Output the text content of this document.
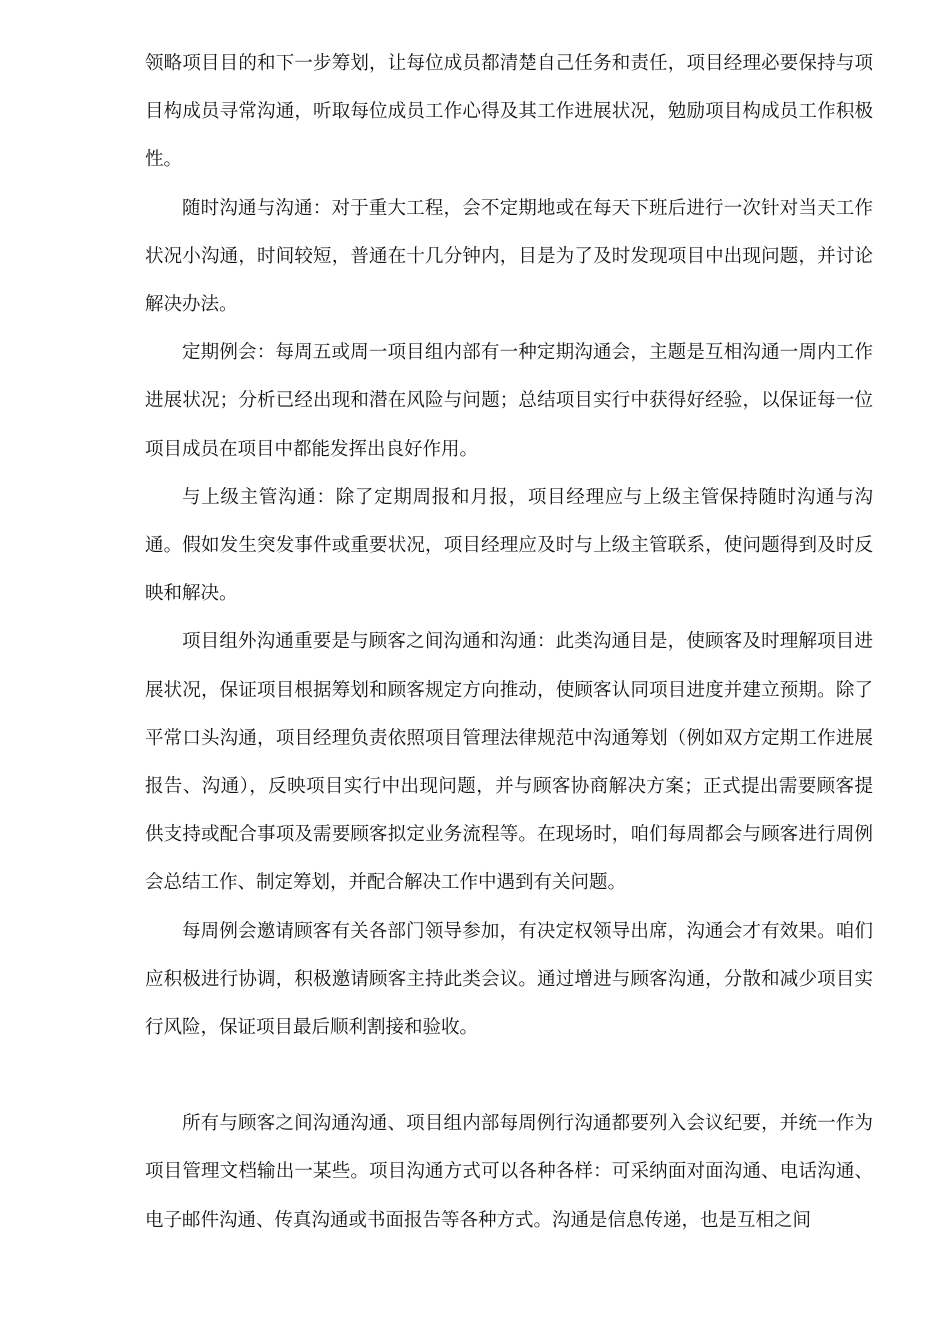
领略项目目的和下一步筹划，让每位成员都清楚自己任务和责任，项目经理必要保持与项目构成员寻常沟通，听取每位成员工作心得及其工作进展状况，勉励项目构成员工作积极性。

随时沟通与沟通：对于重大工程，会不定期地或在每天下班后进行一次针对当天工作状况小沟通，时间较短，普通在十几分钟内，目是为了及时发现项目中出现问题，并讨论解决办法。

定期例会：每周五或周一项目组内部有一种定期沟通会，主题是互相沟通一周内工作进展状况；分析已经出现和潜在风险与问题；总结项目实行中获得好经验，以保证每一位项目成员在项目中都能发挥出良好作用。

与上级主管沟通：除了定期周报和月报，项目经理应与上级主管保持随时沟通与沟通。假如发生突发事件或重要状况，项目经理应及时与上级主管联系，使问题得到及时反映和解决。

项目组外沟通重要是与顾客之间沟通和沟通：此类沟通目是，使顾客及时理解项目进展状况，保证项目根据筹划和顾客规定方向推动，使顾客认同项目进度并建立预期。除了平常口头沟通，项目经理负责依照项目管理法律规范中沟通筹划（例如双方定期工作进展报告、沟通），反映项目实行中出现问题，并与顾客协商解决方案；正式提出需要顾客提供支持或配合事项及需要顾客拟定业务流程等。在现场时，咱们每周都会与顾客进行周例会总结工作、制定筹划，并配合解决工作中遇到有关问题。

每周例会邀请顾客有关各部门领导参加，有决定权领导出席，沟通会才有效果。咱们应积极进行协调，积极邀请顾客主持此类会议。通过增进与顾客沟通，分散和减少项目实行风险，保证项目最后顺利割接和验收。

所有与顾客之间沟通沟通、项目组内部每周例行沟通都要列入会议纪要，并统一作为项目管理文档输出一某些。项目沟通方式可以各种各样：可采纳面对面沟通、电话沟通、电子邮件沟通、传真沟通或书面报告等各种方式。沟通是信息传递，也是互相之间
